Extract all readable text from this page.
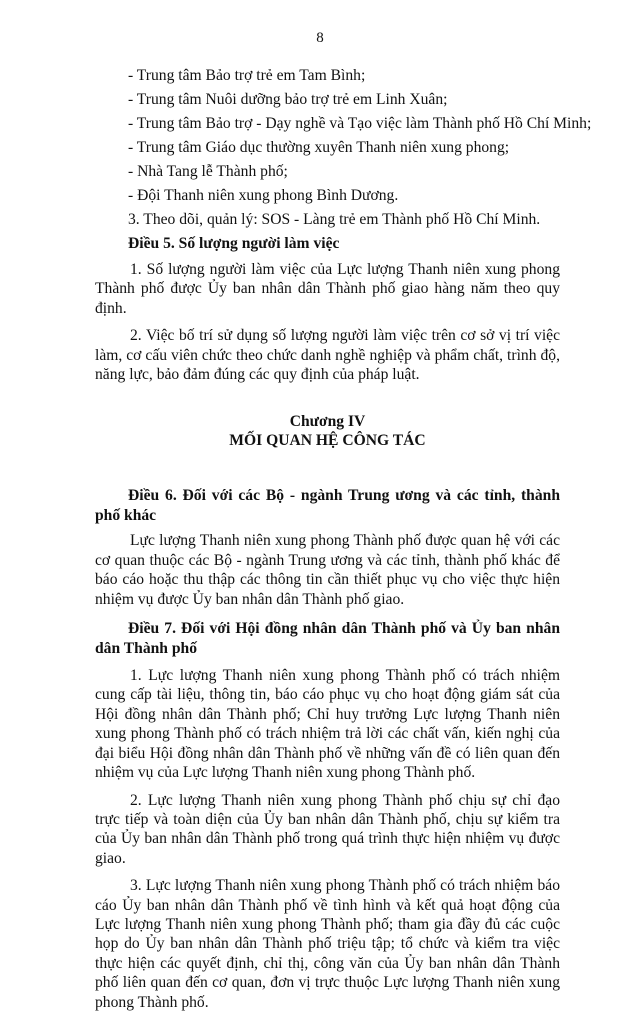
8
- Trung tâm Bảo trợ trẻ em Tam Bình;
- Trung tâm Nuôi dưỡng bảo trợ trẻ em Linh Xuân;
- Trung tâm Bảo trợ - Dạy nghề và Tạo việc làm Thành phố Hồ Chí Minh;
- Trung tâm Giáo dục thường xuyên Thanh niên xung phong;
- Nhà Tang lễ Thành phố;
- Đội Thanh niên xung phong Bình Dương.
3. Theo dõi, quản lý: SOS - Làng trẻ em Thành phố Hồ Chí Minh.
Điều 5. Số lượng người làm việc
1. Số lượng người làm việc của Lực lượng Thanh niên xung phong Thành phố được Ủy ban nhân dân Thành phố giao hàng năm theo quy định.
2. Việc bố trí sử dụng số lượng người làm việc trên cơ sở vị trí việc làm, cơ cấu viên chức theo chức danh nghề nghiệp và phẩm chất, trình độ, năng lực, bảo đảm đúng các quy định của pháp luật.
Chương IV
MỐI QUAN HỆ CÔNG TÁC
Điều 6. Đối với các Bộ - ngành Trung ương và các tỉnh, thành phố khác
Lực lượng Thanh niên xung phong Thành phố được quan hệ với các cơ quan thuộc các Bộ - ngành Trung ương và các tỉnh, thành phố khác để báo cáo hoặc thu thập các thông tin cần thiết phục vụ cho việc thực hiện nhiệm vụ được Ủy ban nhân dân Thành phố giao.
Điều 7. Đối với Hội đồng nhân dân Thành phố và Ủy ban nhân dân Thành phố
1. Lực lượng Thanh niên xung phong Thành phố có trách nhiệm cung cấp tài liệu, thông tin, báo cáo phục vụ cho hoạt động giám sát của Hội đồng nhân dân Thành phố; Chỉ huy trưởng Lực lượng Thanh niên xung phong Thành phố có trách nhiệm trả lời các chất vấn, kiến nghị của đại biểu Hội đồng nhân dân Thành phố về những vấn đề có liên quan đến nhiệm vụ của Lực lượng Thanh niên xung phong Thành phố.
2. Lực lượng Thanh niên xung phong Thành phố chịu sự chỉ đạo trực tiếp và toàn diện của Ủy ban nhân dân Thành phố, chịu sự kiểm tra của Ủy ban nhân dân Thành phố trong quá trình thực hiện nhiệm vụ được giao.
3. Lực lượng Thanh niên xung phong Thành phố có trách nhiệm báo cáo Ủy ban nhân dân Thành phố về tình hình và kết quả hoạt động của Lực lượng Thanh niên xung phong Thành phố; tham gia đầy đủ các cuộc họp do Ủy ban nhân dân Thành phố triệu tập; tổ chức và kiểm tra việc thực hiện các quyết định, chỉ thị, công văn của Ủy ban nhân dân Thành phố liên quan đến cơ quan, đơn vị trực thuộc Lực lượng Thanh niên xung phong Thành phố.
